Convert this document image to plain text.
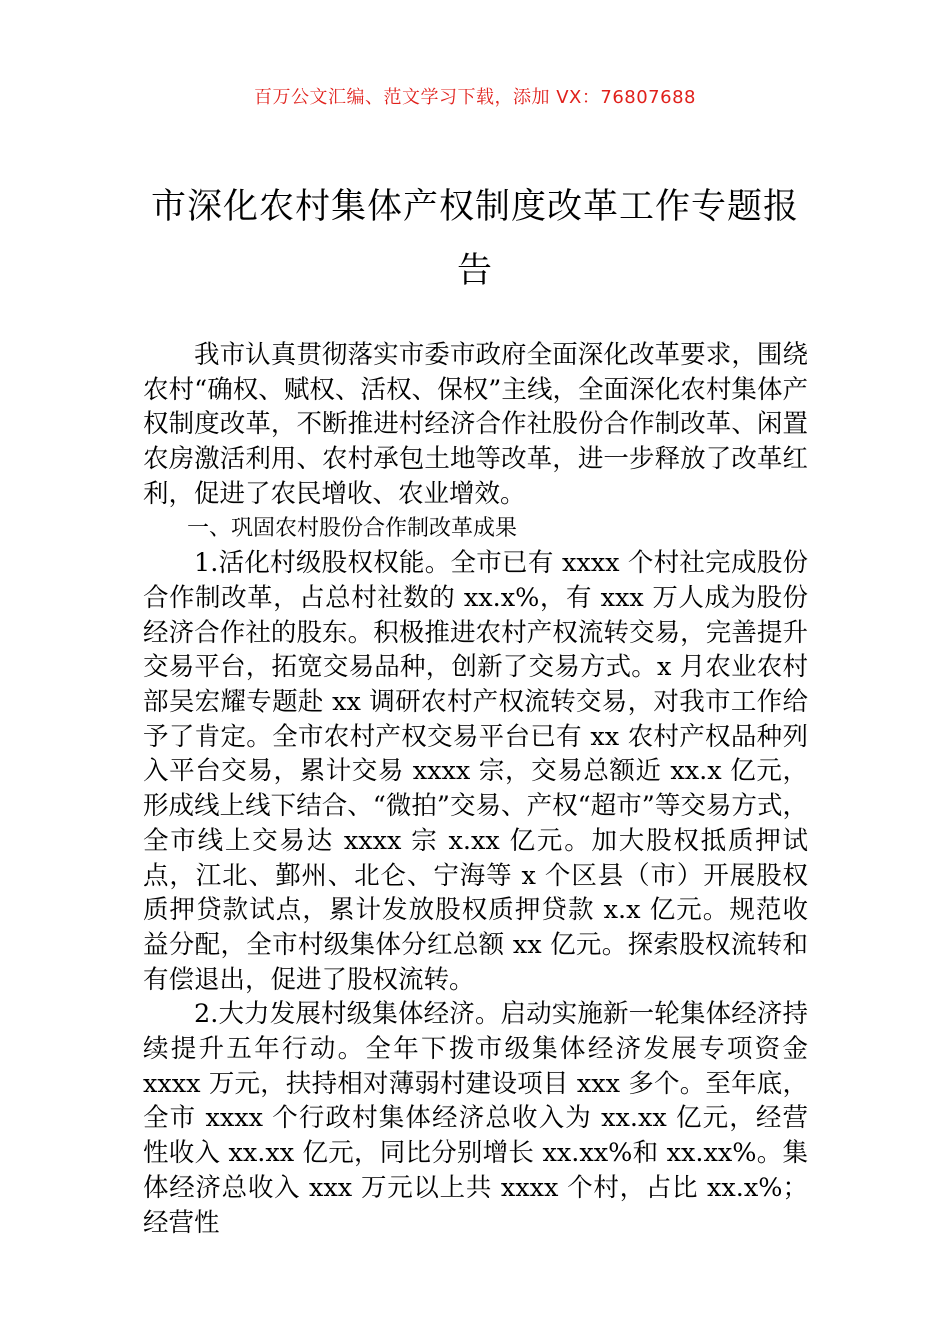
百万公文汇编、范文学习下载，添加 VX：76807688
市深化农村集体产权制度改革工作专题报告

我市认真贯彻落实市委市政府全面深化改革要求，围绕农村“确权、赋权、活权、保权”主线，全面深化农村集体产权制度改革，不断推进村经济合作社股份合作制改革、闲置农房激活利用、农村承包土地等改革，进一步释放了改革红利，促进了农民增收、农业增效。

一、巩固农村股份合作制改革成果

1.活化村级股权权能。全市已有 xxxx 个村社完成股份合作制改革，占总村社数的 xx.x%，有 xxx 万人成为股份经济合作社的股东。积极推进农村产权流转交易，完善提升交易平台，拓宽交易品种，创新了交易方式。x 月农业农村部吴宏耀专题赴 xx 调研农村产权流转交易，对我市工作给予了肯定。全市农村产权交易平台已有 xx 农村产权品种列入平台交易，累计交易 xxxx 宗，交易总额近 xx.x 亿元，形成线上线下结合、“微拍”交易、产权“超市”等交易方式，全市线上交易达 xxxx 宗 x.xx 亿元。加大股权抵质押试点，江北、鄞州、北仑、宁海等 x 个区县（市）开展股权质押贷款试点，累计发放股权质押贷款 x.x 亿元。规范收益分配，全市村级集体分红总额 xx 亿元。探索股权流转和有偿退出，促进了股权流转。

2.大力发展村级集体经济。启动实施新一轮集体经济持续提升五年行动。全年下拨市级集体经济发展专项资金 xxxx 万元，扶持相对薄弱村建设项目 xxx 多个。至年底，全市 xxxx 个行政村集体经济总收入为 xx.xx 亿元，经营性收入 xx.xx 亿元，同比分别增长 xx.xx%和 xx.xx%。集体经济总收入 xxx 万元以上共 xxxx 个村，占比 xx.x%；经营性
